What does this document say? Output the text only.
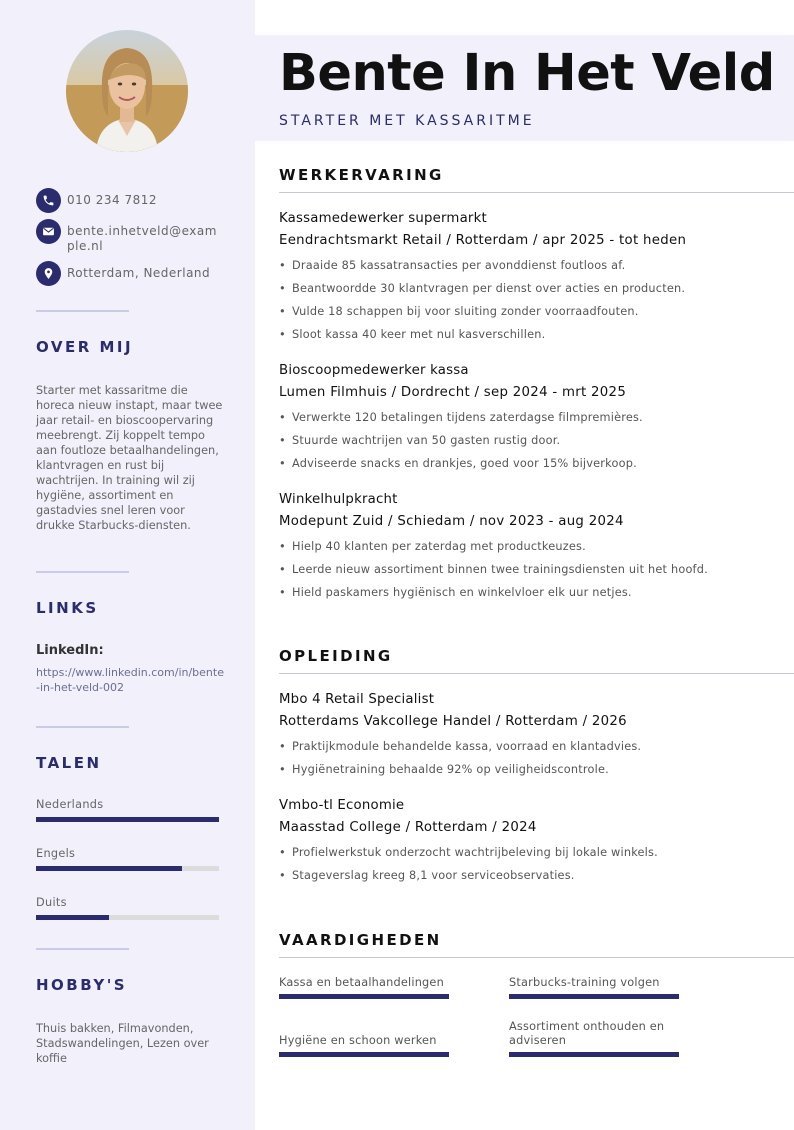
010 234 7812
bente.inhetveld@example.nl
Rotterdam, Nederland
OVER MIJ
Starter met kassaritme die horeca nieuw instapt, maar twee jaar retail- en bioscoopervaring meebrengt. Zij koppelt tempo aan foutloze betaalhandelingen, klantvragen en rust bij wachtrijen. In training wil zij hygiëne, assortiment en gastadvies snel leren voor drukke Starbucks-diensten.
LINKS
LinkedIn:
https://www.linkedin.com/in/bente-in-het-veld-002
TALEN
Nederlands
Engels
Duits
HOBBY'S
Thuis bakken, Filmavonden, Stadswandelingen, Lezen over koffie
Bente In Het Veld
STARTER MET KASSARITME
WERKERVARING
Kassamedewerker supermarkt
Eendrachtsmarkt Retail / Rotterdam / apr 2025 - tot heden
• Draaide 85 kassatransacties per avonddienst foutloos af.
• Beantwoordde 30 klantvragen per dienst over acties en producten.
• Vulde 18 schappen bij voor sluiting zonder voorraadfouten.
• Sloot kassa 40 keer met nul kasverschillen.
Bioscoopmedewerker kassa
Lumen Filmhuis / Dordrecht / sep 2024 - mrt 2025
• Verwerkte 120 betalingen tijdens zaterdagse filmpremières.
• Stuurde wachtrijen van 50 gasten rustig door.
• Adviseerde snacks en drankjes, goed voor 15% bijverkoop.
Winkelhulpkracht
Modepunt Zuid / Schiedam / nov 2023 - aug 2024
• Hielp 40 klanten per zaterdag met productkeuzes.
• Leerde nieuw assortiment binnen twee trainingsdiensten uit het hoofd.
• Hield paskamers hygiënisch en winkelvloer elk uur netjes.
OPLEIDING
Mbo 4 Retail Specialist
Rotterdams Vakcollege Handel / Rotterdam / 2026
• Praktijkmodule behandelde kassa, voorraad en klantadvies.
• Hygiënetraining behaalde 92% op veiligheidscontrole.
Vmbo-tl Economie
Maasstad College / Rotterdam / 2024
• Profielwerkstuk onderzocht wachtrijbeleving bij lokale winkels.
• Stageverslag kreeg 8,1 voor serviceobservaties.
VAARDIGHEDEN
Kassa en betaalhandelingen	Starbucks-training volgen
Hygiëne en schoon werken
Assortiment onthouden en adviseren
